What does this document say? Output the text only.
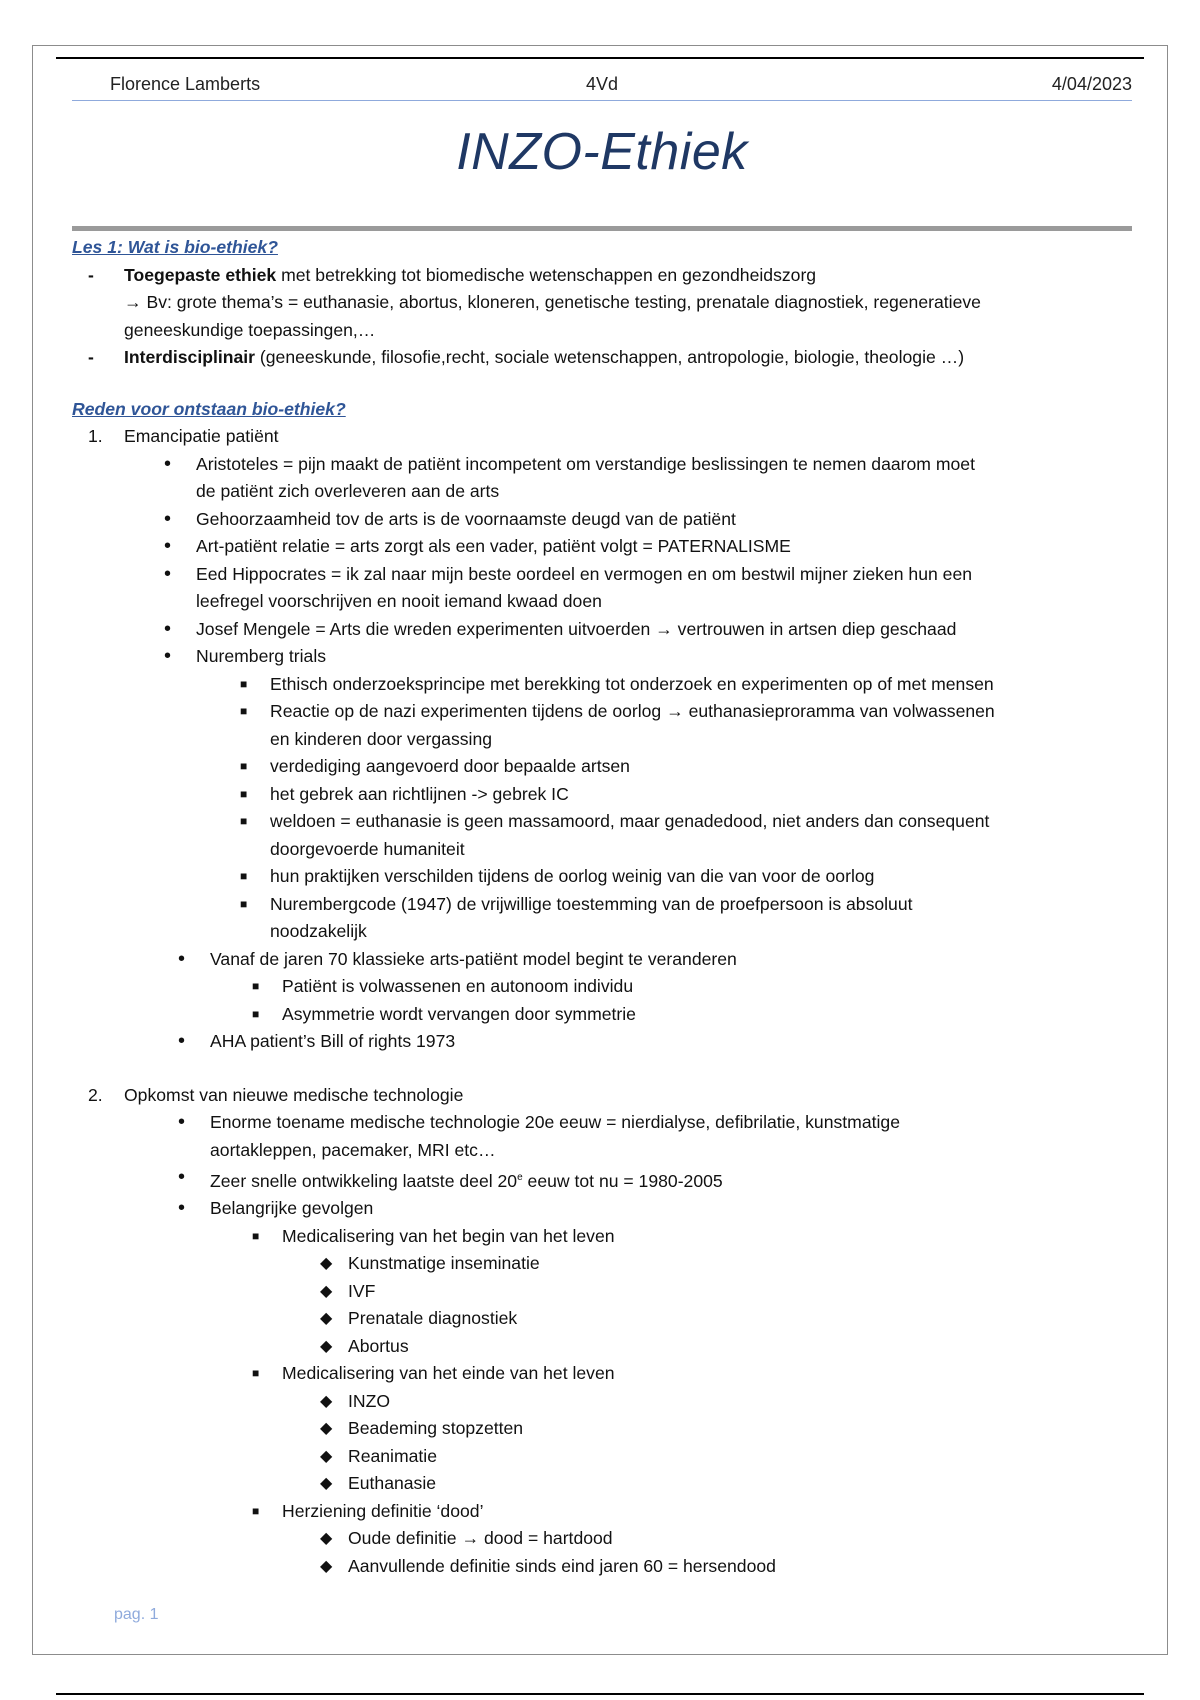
Florence Lamberts	4Vd	4/04/2023
INZO-Ethiek
Les 1: Wat is bio-ethiek?
- Toegepaste ethiek met betrekking tot biomedische wetenschappen en gezondheidszorg
→ Bv: grote thema’s = euthanasie, abortus, kloneren, genetische testing, prenatale diagnostiek, regeneratieve
geneeskundige toepassingen,…
- Interdisciplinair (geneeskunde, filosofie,recht, sociale wetenschappen, antropologie, biologie, theologie …)
Reden voor ontstaan bio-ethiek?
1. Emancipatie patiënt
• Aristoteles = pijn maakt de patiënt incompetent om verstandige beslissingen te nemen daarom moet
de patiënt zich overleveren aan de arts
• Gehoorzaamheid tov de arts is de voornaamste deugd van de patiënt
• Art-patiënt relatie = arts zorgt als een vader, patiënt volgt = PATERNALISME
• Eed Hippocrates = ik zal naar mijn beste oordeel en vermogen en om bestwil mijner zieken hun een
leefregel voorschrijven en nooit iemand kwaad doen
• Josef Mengele = Arts die wreden experimenten uitvoerden → vertrouwen in artsen diep geschaad
• Nuremberg trials
■ Ethisch onderzoeksprincipe met berekking tot onderzoek en experimenten op of met mensen
■ Reactie op de nazi experimenten tijdens de oorlog → euthanasieproramma van volwassenen
en kinderen door vergassing
■ verdediging aangevoerd door bepaalde artsen
■ het gebrek aan richtlijnen -> gebrek IC
■ weldoen = euthanasie is geen massamoord, maar genadedood, niet anders dan consequent
doorgevoerde humaniteit
■ hun praktijken verschilden tijdens de oorlog weinig van die van voor de oorlog
■ Nurembergcode (1947) de vrijwillige toestemming van de proefpersoon is absoluut
noodzakelijk
• Vanaf de jaren 70 klassieke arts-patiënt model begint te veranderen
■ Patiënt is volwassenen en autonoom individu
■ Asymmetrie wordt vervangen door symmetrie
• AHA patient’s Bill of rights 1973
2. Opkomst van nieuwe medische technologie
• Enorme toename medische technologie 20e eeuw = nierdialyse, defibrilatie, kunstmatige
aortakleppen, pacemaker, MRI etc…
• Zeer snelle ontwikkeling laatste deel 20e eeuw tot nu = 1980-2005
• Belangrijke gevolgen
■ Medicalisering van het begin van het leven
◆ Kunstmatige inseminatie
◆ IVF
◆ Prenatale diagnostiek
◆ Abortus
■ Medicalisering van het einde van het leven
◆ INZO
◆ Beademing stopzetten
◆ Reanimatie
◆ Euthanasie
■ Herziening definitie ‘dood’
◆ Oude definitie → dood = hartdood
◆ Aanvullende definitie sinds eind jaren 60 = hersendood
pag. 1
